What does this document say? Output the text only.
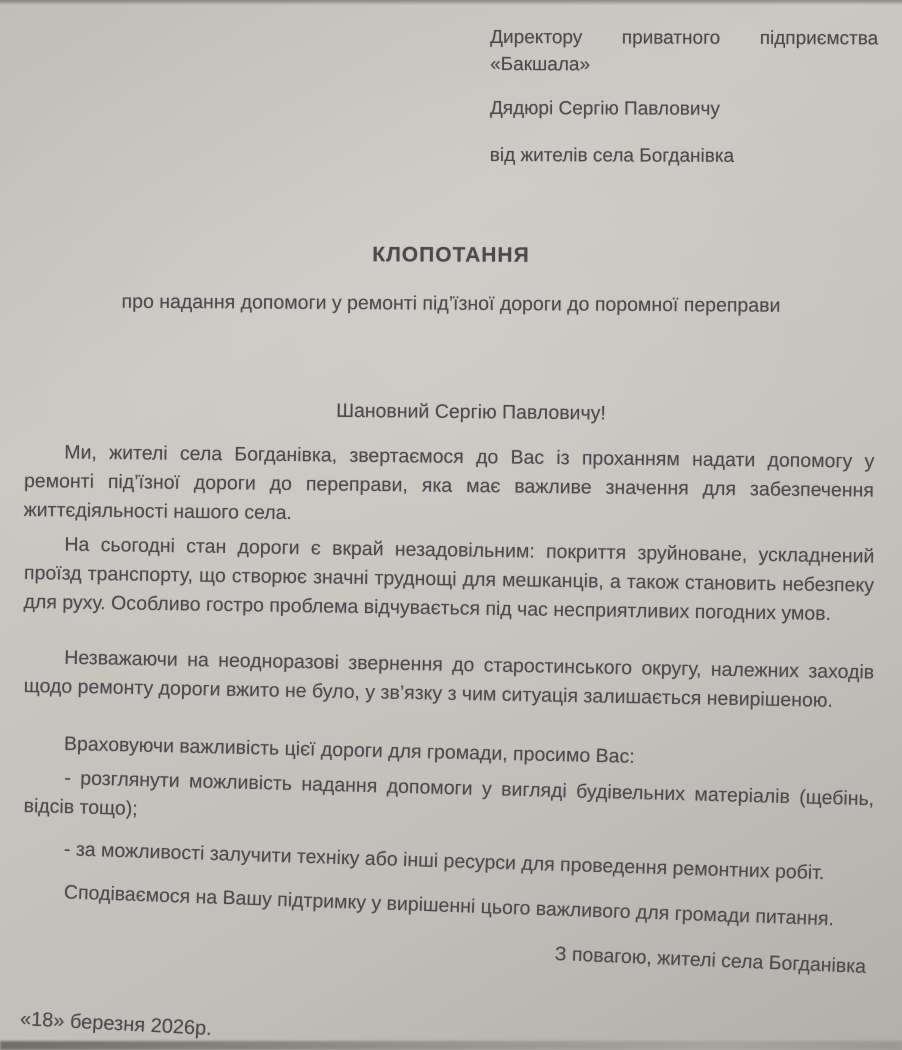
Директору приватного підприємства «Бакшала»
Дядюрі Сергію Павловичу
від жителів села Богданівка
КЛОПОТАННЯ
про надання допомоги у ремонті під’їзної дороги до поромної переправи
Шановний Сергію Павловичу!
Ми, жителі села Богданівка, звертаємося до Вас із проханням надати допомогу у ремонті під’їзної дороги до переправи, яка має важливе значення для забезпечення життєдіяльності нашого села.
На сьогодні стан дороги є вкрай незадовільним: покриття зруйноване, ускладнений проїзд транспорту, що створює значні труднощі для мешканців, а також становить небезпеку для руху. Особливо гостро проблема відчувається під час несприятливих погодних умов.
Незважаючи на неодноразові звернення до старостинського округу, належних заходів щодо ремонту дороги вжито не було, у зв’язку з чим ситуація залишається невирішеною.
Враховуючи важливість цієї дороги для громади, просимо Вас:
- розглянути можливість надання допомоги у вигляді будівельних матеріалів (щебінь, відсів тощо);
- за можливості залучити техніку або інші ресурси для проведення ремонтних робіт.
Сподіваємося на Вашу підтримку у вирішенні цього важливого для громади питання.
З повагою, жителі села Богданівка
«18» березня 2026р.
